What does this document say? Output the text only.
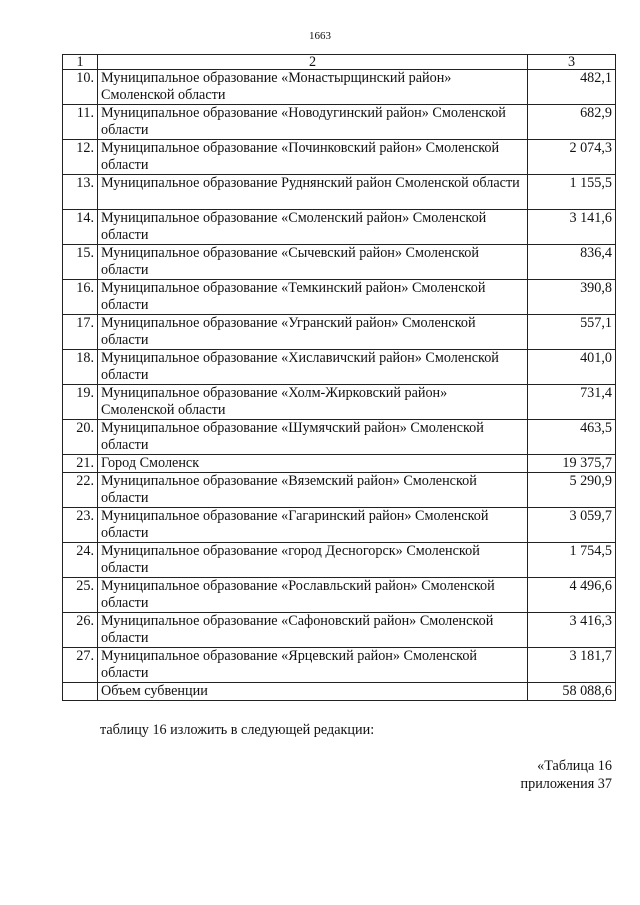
1663
1	2	3
10.	Муниципальное образование «Монастырщинский район» Смоленской области	482,1
11.	Муниципальное образование «Новодугинский район» Смоленской области	682,9
12.	Муниципальное образование «Починковский район» Смоленской области	2 074,3
13.	Муниципальное образование Руднянский район Смоленской области	1 155,5
14.	Муниципальное образование «Смоленский район» Смоленской области	3 141,6
15.	Муниципальное образование «Сычевский район» Смоленской области	836,4
16.	Муниципальное образование «Темкинский район» Смоленской области	390,8
17.	Муниципальное образование «Угранский район» Смоленской области	557,1
18.	Муниципальное образование «Хиславичский район» Смоленской области	401,0
19.	Муниципальное образование «Холм-Жирковский район» Смоленской области	731,4
20.	Муниципальное образование «Шумячский район» Смоленской области	463,5
21.	Город Смоленск	19 375,7
22.	Муниципальное образование «Вяземский район» Смоленской области	5 290,9
23.	Муниципальное образование «Гагаринский район» Смоленской области	3 059,7
24.	Муниципальное образование «город Десногорск» Смоленской области	1 754,5
25.	Муниципальное образование «Рославльский район» Смоленской области	4 496,6
26.	Муниципальное образование «Сафоновский район» Смоленской области	3 416,3
27.	Муниципальное образование «Ярцевский район» Смоленской области	3 181,7
	Объем субвенции	58 088,6
таблицу 16 изложить в следующей редакции:
«Таблица 16
приложения 37
